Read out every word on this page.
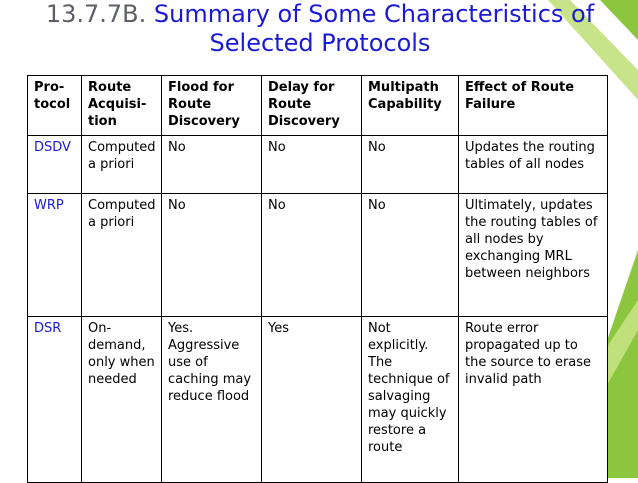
13.7.7B. Summary of Some Characteristics of
Selected Protocols
Pro-tocol	Route Acquisi-tion	Flood for Route Discovery	Delay for Route Discovery	Multipath Capability	Effect of Route Failure
DSDV	Computed a priori	No	No	No	Updates the routing tables of all nodes
WRP	Computed a priori	No	No	No	Ultimately, updates the routing tables of all nodes by exchanging MRL between neighbors
DSR	On-demand, only when needed	Yes. Aggressive use of caching may reduce flood	Yes	Not explicitly. The technique of salvaging may quickly restore a route	Route error propagated up to the source to erase invalid path
